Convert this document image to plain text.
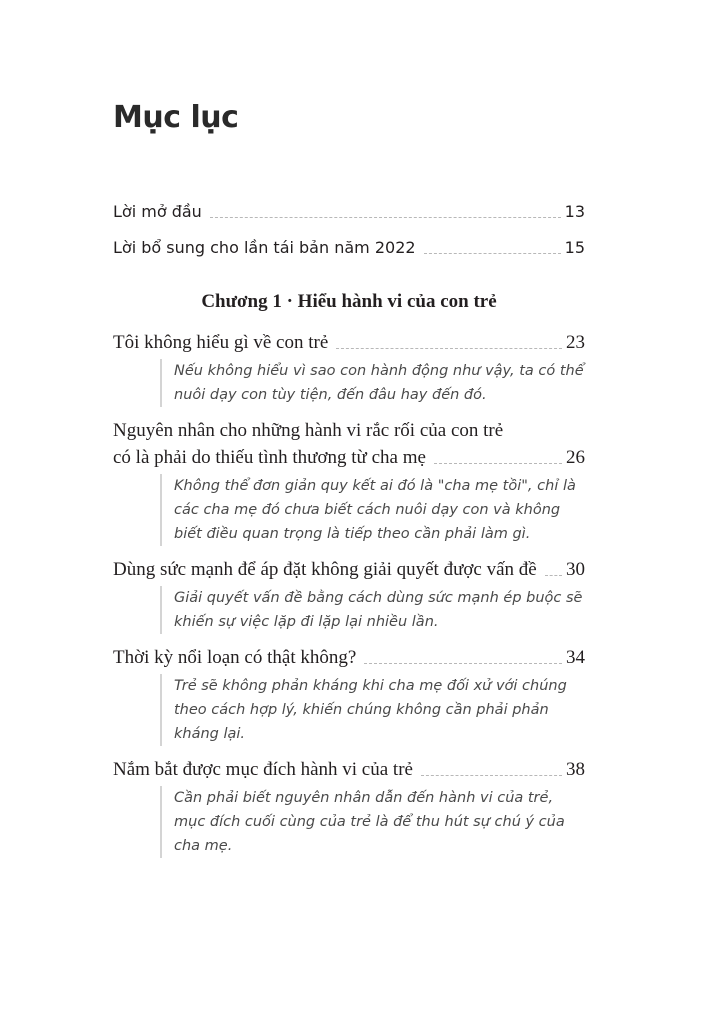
Mục lục
Lời mở đầu	13
Lời bổ sung cho lần tái bản năm 2022	15
Chương 1 · Hiểu hành vi của con trẻ
Tôi không hiểu gì về con trẻ	23
Nếu không hiểu vì sao con hành động như vậy, ta có thể nuôi dạy con tùy tiện, đến đâu hay đến đó.
Nguyên nhân cho những hành vi rắc rối của con trẻ
có là phải do thiếu tình thương từ cha mẹ	26
Không thể đơn giản quy kết ai đó là "cha mẹ tồi", chỉ là các cha mẹ đó chưa biết cách nuôi dạy con và không biết điều quan trọng là tiếp theo cần phải làm gì.
Dùng sức mạnh để áp đặt không giải quyết được vấn đề 30
Giải quyết vấn đề bằng cách dùng sức mạnh ép buộc sẽ khiến sự việc lặp đi lặp lại nhiều lần.
Thời kỳ nổi loạn có thật không?	34
Trẻ sẽ không phản kháng khi cha mẹ đối xử với chúng theo cách hợp lý, khiến chúng không cần phải phản kháng lại.
Nắm bắt được mục đích hành vi của trẻ	38
Cần phải biết nguyên nhân dẫn đến hành vi của trẻ, mục đích cuối cùng của trẻ là để thu hút sự chú ý của cha mẹ.
